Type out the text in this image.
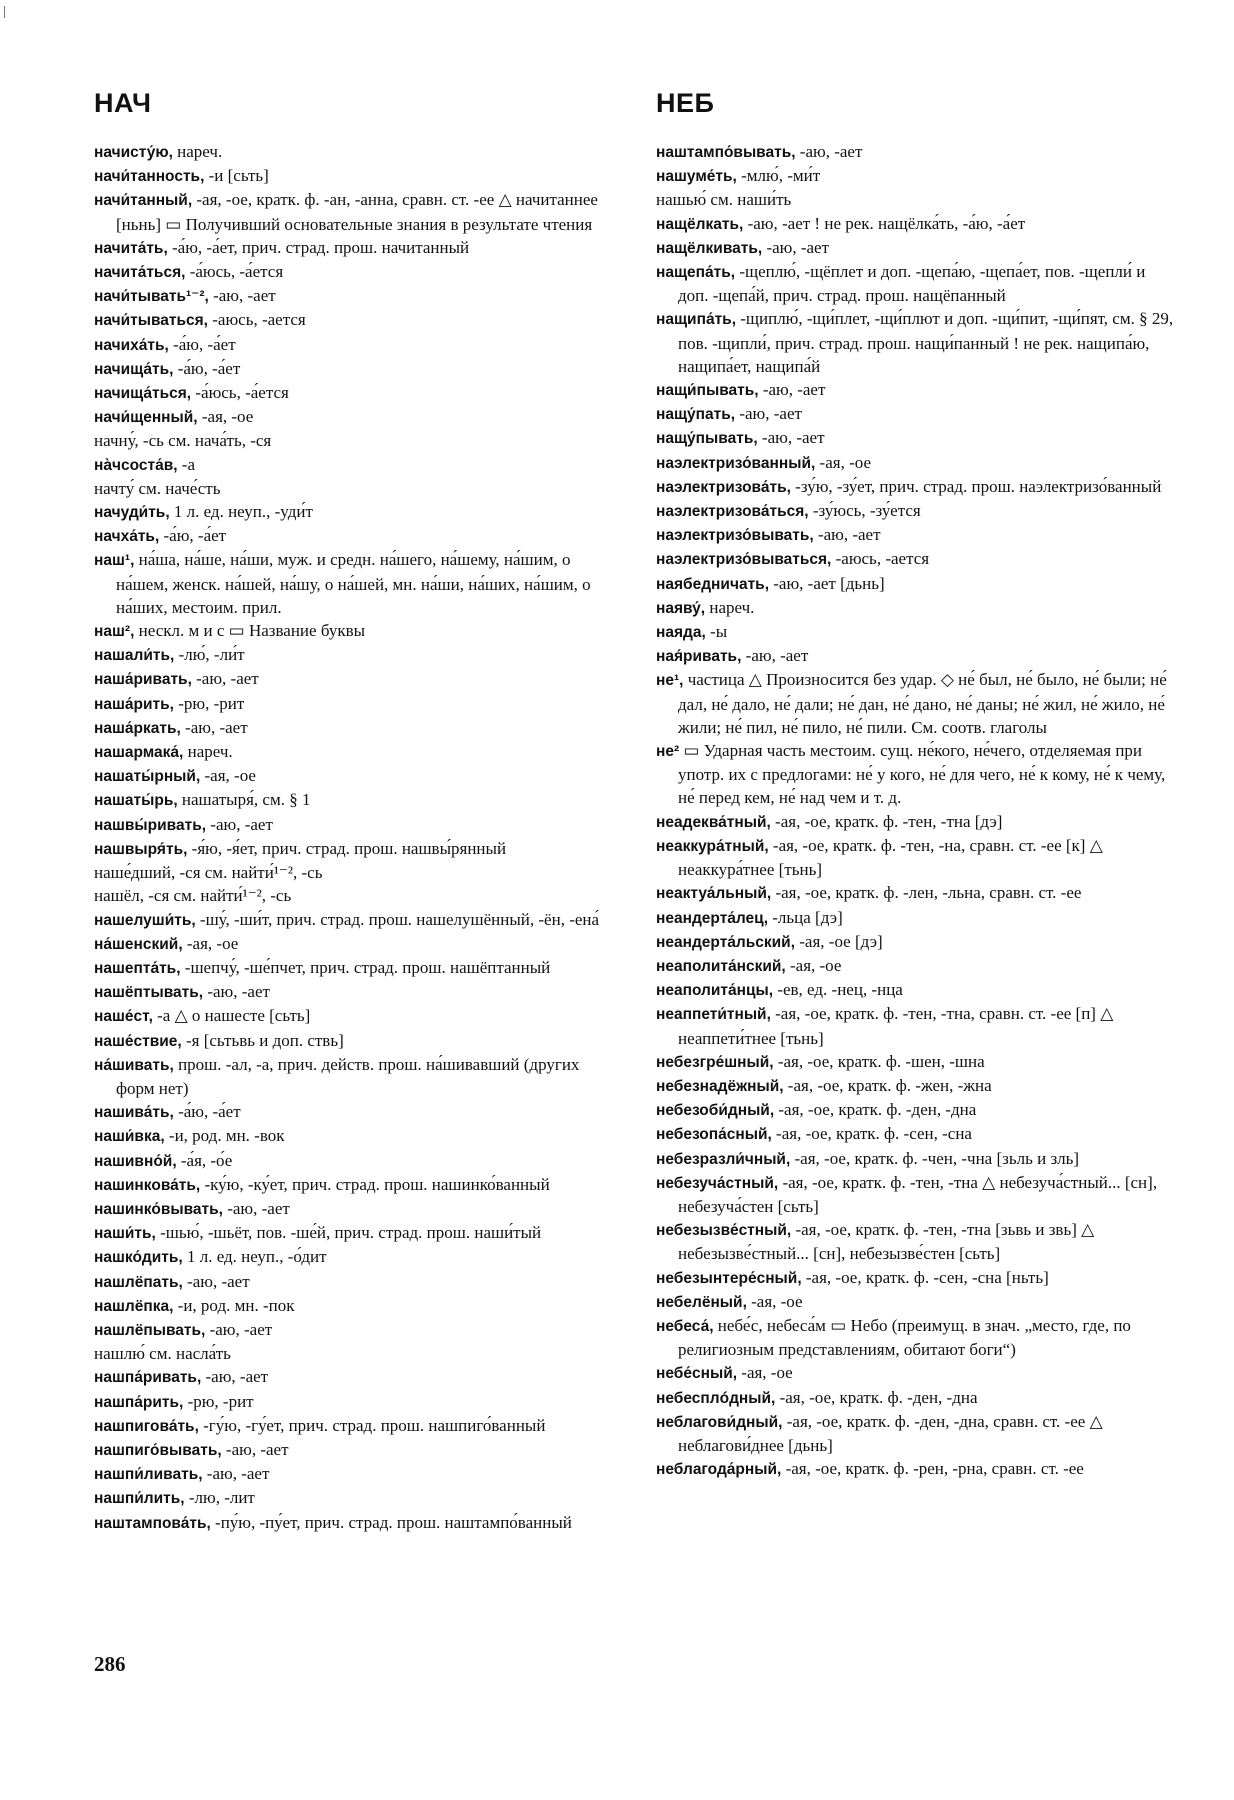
НАЧ

начисту́ю, нареч.

начи́танность, -и [сьть]

начи́танный, -ая, -ое, кратк. ф. -ан, -анна, сравн. ст. -ее △ начитаннее [ньнь] ▭ Получивший основательные знания в результате чтения

начита́ть, -а́ю, -а́ет, прич. страд. прош. начитанный

начита́ться, -а́юсь, -а́ется

начи́тывать¹⁻², -аю, -ает

начи́тываться, -аюсь, -ается

начиха́ть, -а́ю, -а́ет

начища́ть, -а́ю, -а́ет

начища́ться, -а́юсь, -а́ется

начи́щенный, -ая, -ое

начну́, -сь см. нача́ть, -ся

на̀чсоста́в, -а

начту́ см. наче́сть

начуди́ть, 1 л. ед. неуп., -уди́т

начха́ть, -а́ю, -а́ет

наш¹, на́ша, на́ше, на́ши, муж. и средн. на́шего, на́шему, на́шим, о на́шем, женск. на́шей, на́шу, о на́шей, мн. на́ши, на́ших, на́шим, о на́ших, местоим. прил.

наш², нескл. м и с ▭ Название буквы

нашали́ть, -лю́, -ли́т

наша́ривать, -аю, -ает

наша́рить, -рю, -рит

наша́ркать, -аю, -ает

нашармака́, нареч.

нашаты́рный, -ая, -ое

нашаты́рь, нашатыря́, см. § 1

нашвы́ривать, -аю, -ает

нашвыря́ть, -я́ю, -я́ет, прич. страд. прош. нашвы́рянный

наше́дший, -ся см. найти́¹⁻², -сь

нашёл, -ся см. найти́¹⁻², -сь

нашелуши́ть, -шу́, -ши́т, прич. страд. прош. нашелушённый, -ён, -ена́

на́шенский, -ая, -ое

нашепта́ть, -шепчу́, -ше́пчет, прич. страд. прош. нашёптанный

нашёптывать, -аю, -ает

наше́ст, -а △ о нашесте [сьть]

наше́ствие, -я [сьтьвь и доп. ствь]

на́шивать, прош. -ал, -а, прич. действ. прош. на́шивавший (других форм нет)

нашива́ть, -а́ю, -а́ет

наши́вка, -и, род. мн. -вок

нашивно́й, -а́я, -о́е

нашинкова́ть, -ку́ю, -ку́ет, прич. страд. прош. нашинко́ванный

нашинко́вывать, -аю, -ает

наши́ть, -шью́, -шьёт, пов. -ше́й, прич. страд. прош. наши́тый

нашко́дить, 1 л. ед. неуп., -о́дит

нашлёпать, -аю, -ает

нашлёпка, -и, род. мн. -пок

нашлёпывать, -аю, -ает

нашлю́ см. насла́ть

нашпа́ривать, -аю, -ает

нашпа́рить, -рю, -рит

нашпигова́ть, -гу́ю, -гу́ет, прич. страд. прош. нашпиго́ванный

нашпиго́вывать, -аю, -ает

нашпи́ливать, -аю, -ает

нашпи́лить, -лю, -лит

наштампова́ть, -пу́ю, -пу́ет, прич. страд. прош. наштампо́ванный

НЕБ

наштампо́вывать, -аю, -ает

нашуме́ть, -млю́, -ми́т

нашью́ см. наши́ть

нащёлкать, -аю, -ает ! не рек. нащёлка́ть, -а́ю, -а́ет

нащёлкивать, -аю, -ает

нащепа́ть, -щеплю́, -щёплет и доп. -щепа́ю, -щепа́ет, пов. -щепли́ и доп. -щепа́й, прич. страд. прош. нащёпанный

нащипа́ть, -щиплю́, -щи́плет, -щи́плют и доп. -щи́пит, -щи́пят, см. § 29, пов. -щипли́, прич. страд. прош. нащи́панный ! не рек. нащипа́ю, нащипа́ет, нащипа́й

нащи́пывать, -аю, -ает

нащу́пать, -аю, -ает

нащу́пывать, -аю, -ает

наэлектризо́ванный, -ая, -ое

наэлектризова́ть, -зу́ю, -зу́ет, прич. страд. прош. наэлектризо́ванный

наэлектризова́ться, -зу́юсь, -зу́ется

наэлектризо́вывать, -аю, -ает

наэлектризо́вываться, -аюсь, -ается

наябедничать, -аю, -ает [дьнь]

наяву́, нареч.

наяда, -ы

ная́ривать, -аю, -ает

не¹, частица △ Произносится без удар. ◇ не́ был, не́ было, не́ были; не́ дал, не́ дало, не́ дали; не́ дан, не́ дано, не́ даны; не́ жил, не́ жило, не́ жили; не́ пил, не́ пило, не́ пили. См. соотв. глаголы

не² ▭ Ударная часть местоим. сущ. не́кого, не́чего, отделяемая при употр. их с предлогами: не́ у кого, не́ для чего, не́ к кому, не́ к чему, не́ перед кем, не́ над чем и т. д.

неадеква́тный, -ая, -ое, кратк. ф. -тен, -тна [дэ]

неаккура́тный, -ая, -ое, кратк. ф. -тен, -на, сравн. ст. -ее [к] △ неаккура́тнее [тьнь]

неактуа́льный, -ая, -ое, кратк. ф. -лен, -льна, сравн. ст. -ее

неандерта́лец, -льца [дэ]

неандерта́льский, -ая, -ое [дэ]

неаполита́нский, -ая, -ое

неаполита́нцы, -ев, ед. -нец, -нца

неаппети́тный, -ая, -ое, кратк. ф. -тен, -тна, сравн. ст. -ее [п] △ неаппети́тнее [тьнь]

небезгре́шный, -ая, -ое, кратк. ф. -шен, -шна

небезнадёжный, -ая, -ое, кратк. ф. -жен, -жна

небезоби́дный, -ая, -ое, кратк. ф. -ден, -дна

небезопа́сный, -ая, -ое, кратк. ф. -сен, -сна

небезразли́чный, -ая, -ое, кратк. ф. -чен, -чна [зьль и зль]

небезуча́стный, -ая, -ое, кратк. ф. -тен, -тна △ небезуча́стный... [сн], небезуча́стен [сьть]

небезызве́стный, -ая, -ое, кратк. ф. -тен, -тна [зьвь и звь] △ небезызве́стный... [сн], небезызве́стен [сьть]

небезынтере́сный, -ая, -ое, кратк. ф. -сен, -сна [ньть]

небелёный, -ая, -ое

небеса́, небе́с, небеса́м ▭ Небо (преимущ. в знач. „место, где, по религиозным представлениям, обитают боги“)

небе́сный, -ая, -ое

небесплóдный, -ая, -ое, кратк. ф. -ден, -дна

неблагови́дный, -ая, -ое, кратк. ф. -ден, -дна, сравн. ст. -ее △ неблагови́днее [дьнь]

неблагода́рный, -ая, -ое, кратк. ф. -рен, -рна, сравн. ст. -ее

286
